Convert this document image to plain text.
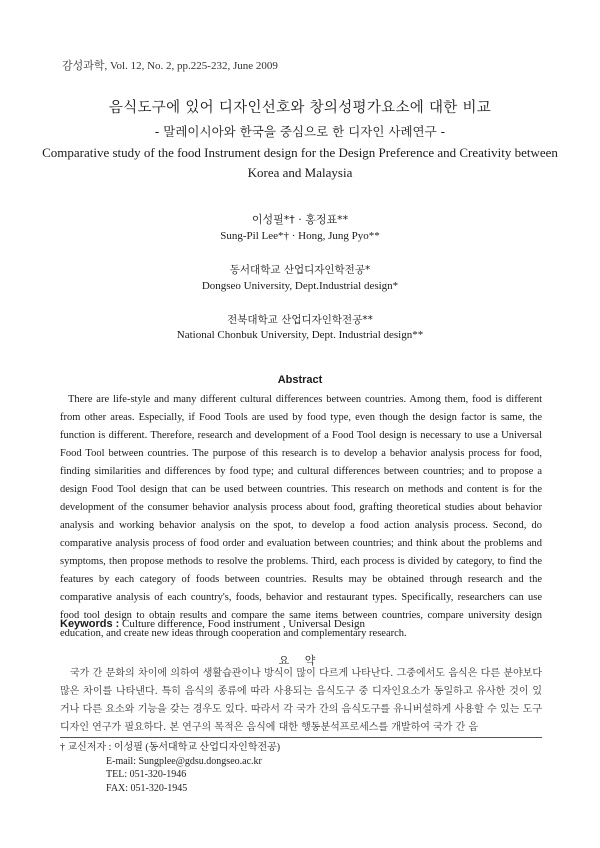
감성과학, Vol. 12, No. 2, pp.225-232, June 2009
음식도구에 있어 디자인선호와 창의성평가요소에 대한 비교
- 말레이시아와 한국을 중심으로 한 디자인 사례연구 -
Comparative study of the food Instrument design for the Design Preference and Creativity between Korea and Malaysia
이성필*† · 홍정표**
Sung-Pil Lee*† · Hong, Jung Pyo**
동서대학교 산업디자인학전공*
Dongseo University, Dept.Industrial design*
전북대학교 산업디자인학전공**
National Chonbuk University, Dept. Industrial design**
Abstract

There are life-style and many different cultural differences between countries. Among them, food is different from other areas. Especially, if Food Tools are used by food type, even though the design factor is same, the function is different. Therefore, research and development of a Food Tool design is necessary to use a Universal Food Tool between countries. The purpose of this research is to develop a behavior analysis process for food, finding similarities and differences by food type; and cultural differences between countries; and to propose a design Food Tool design that can be used between countries. This research on methods and content is for the development of the consumer behavior analysis process about food, grafting theoretical studies about behavior analysis and working behavior analysis on the spot, to develop a food action analysis process. Second, do comparative analysis process of food order and evaluation between countries; and think about the problems and symptoms, then propose methods to resolve the problems. Third, each process is divided by category, to find the features by each category of foods between countries. Results may be obtained through research and the comparative analysis of each country's, foods, behavior and restaurant types. Specifically, researchers can use food tool design to obtain results and compare the same items between countries, compare university design education, and create new ideas through cooperation and complementary research.

Keywords : Culture difference, Food instrument , Universal Design
요 약

국가 간 문화의 차이에 의하여 생활습관이나 방식이 많이 다르게 나타난다. 그중에서도 음식은 다른 분야보다 많은 차이를 나타낸다. 특히 음식의 종류에 따라 사용되는 음식도구 중 디자인요소가 동일하고 유사한 것이 있거나 다른 요소와 기능을 갖는 경우도 있다. 따라서 각 국가 간의 음식도구를 유니버설하게 사용할 수 있는 도구 디자인 연구가 필요하다. 본 연구의 목적은 음식에 대한 행동분석프로세스를 개발하여 국가 간 음

† 교신저자 : 이성필 (동서대학교 산업디자인학전공)
E-mail: Sungplee@gdsu.dongseo.ac.kr
TEL: 051-320-1946
FAX: 051-320-1945
